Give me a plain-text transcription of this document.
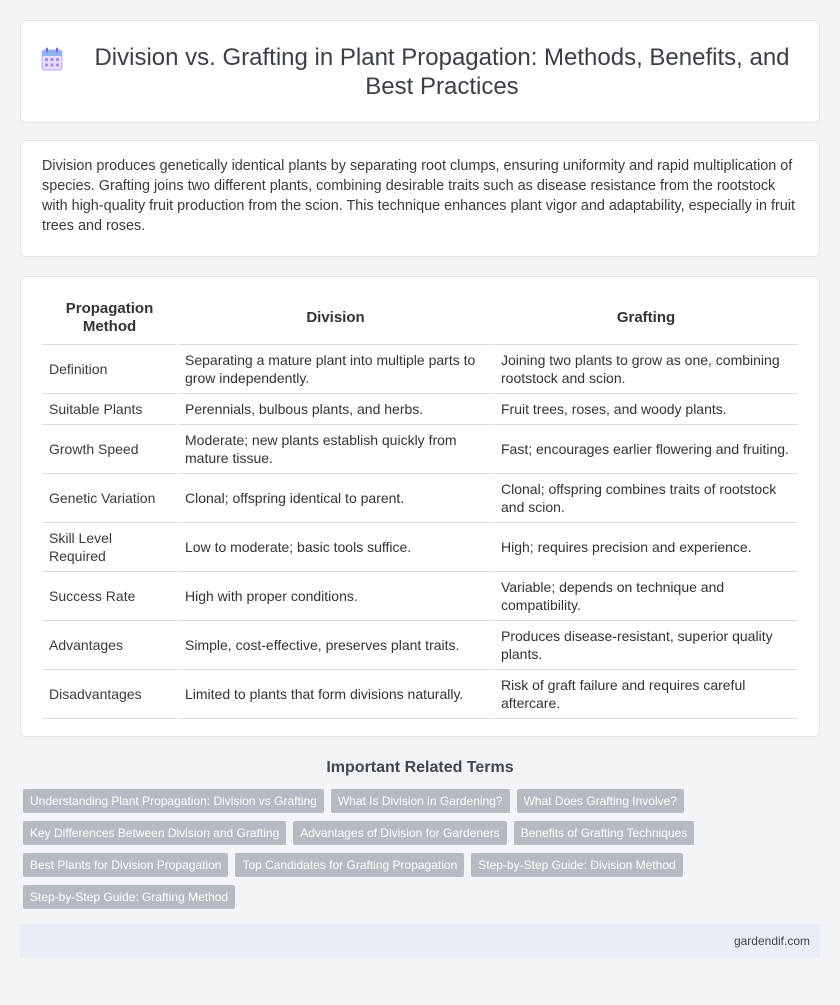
Division vs. Grafting in Plant Propagation: Methods, Benefits, and Best Practices

Division produces genetically identical plants by separating root clumps, ensuring uniformity and rapid multiplication of species. Grafting joins two different plants, combining desirable traits such as disease resistance from the rootstock with high-quality fruit production from the scion. This technique enhances plant vigor and adaptability, especially in fruit trees and roses.

Propagation Method	Division	Grafting
Definition	Separating a mature plant into multiple parts to grow independently.	Joining two plants to grow as one, combining rootstock and scion.
Suitable Plants	Perennials, bulbous plants, and herbs.	Fruit trees, roses, and woody plants.
Growth Speed	Moderate; new plants establish quickly from mature tissue.	Fast; encourages earlier flowering and fruiting.
Genetic Variation	Clonal; offspring identical to parent.	Clonal; offspring combines traits of rootstock and scion.
Skill Level Required	Low to moderate; basic tools suffice.	High; requires precision and experience.
Success Rate	High with proper conditions.	Variable; depends on technique and compatibility.
Advantages	Simple, cost-effective, preserves plant traits.	Produces disease-resistant, superior quality plants.
Disadvantages	Limited to plants that form divisions naturally.	Risk of graft failure and requires careful aftercare.
Important Related Terms
Understanding Plant Propagation: Division vs Grafting	What Is Division in Gardening?	What Does Grafting Involve?
Key Differences Between Division and Grafting	Advantages of Division for Gardeners	Benefits of Grafting Techniques
Best Plants for Division Propagation	Top Candidates for Grafting Propagation	Step-by-Step Guide: Division Method
Step-by-Step Guide: Grafting Method
gardendif.com
